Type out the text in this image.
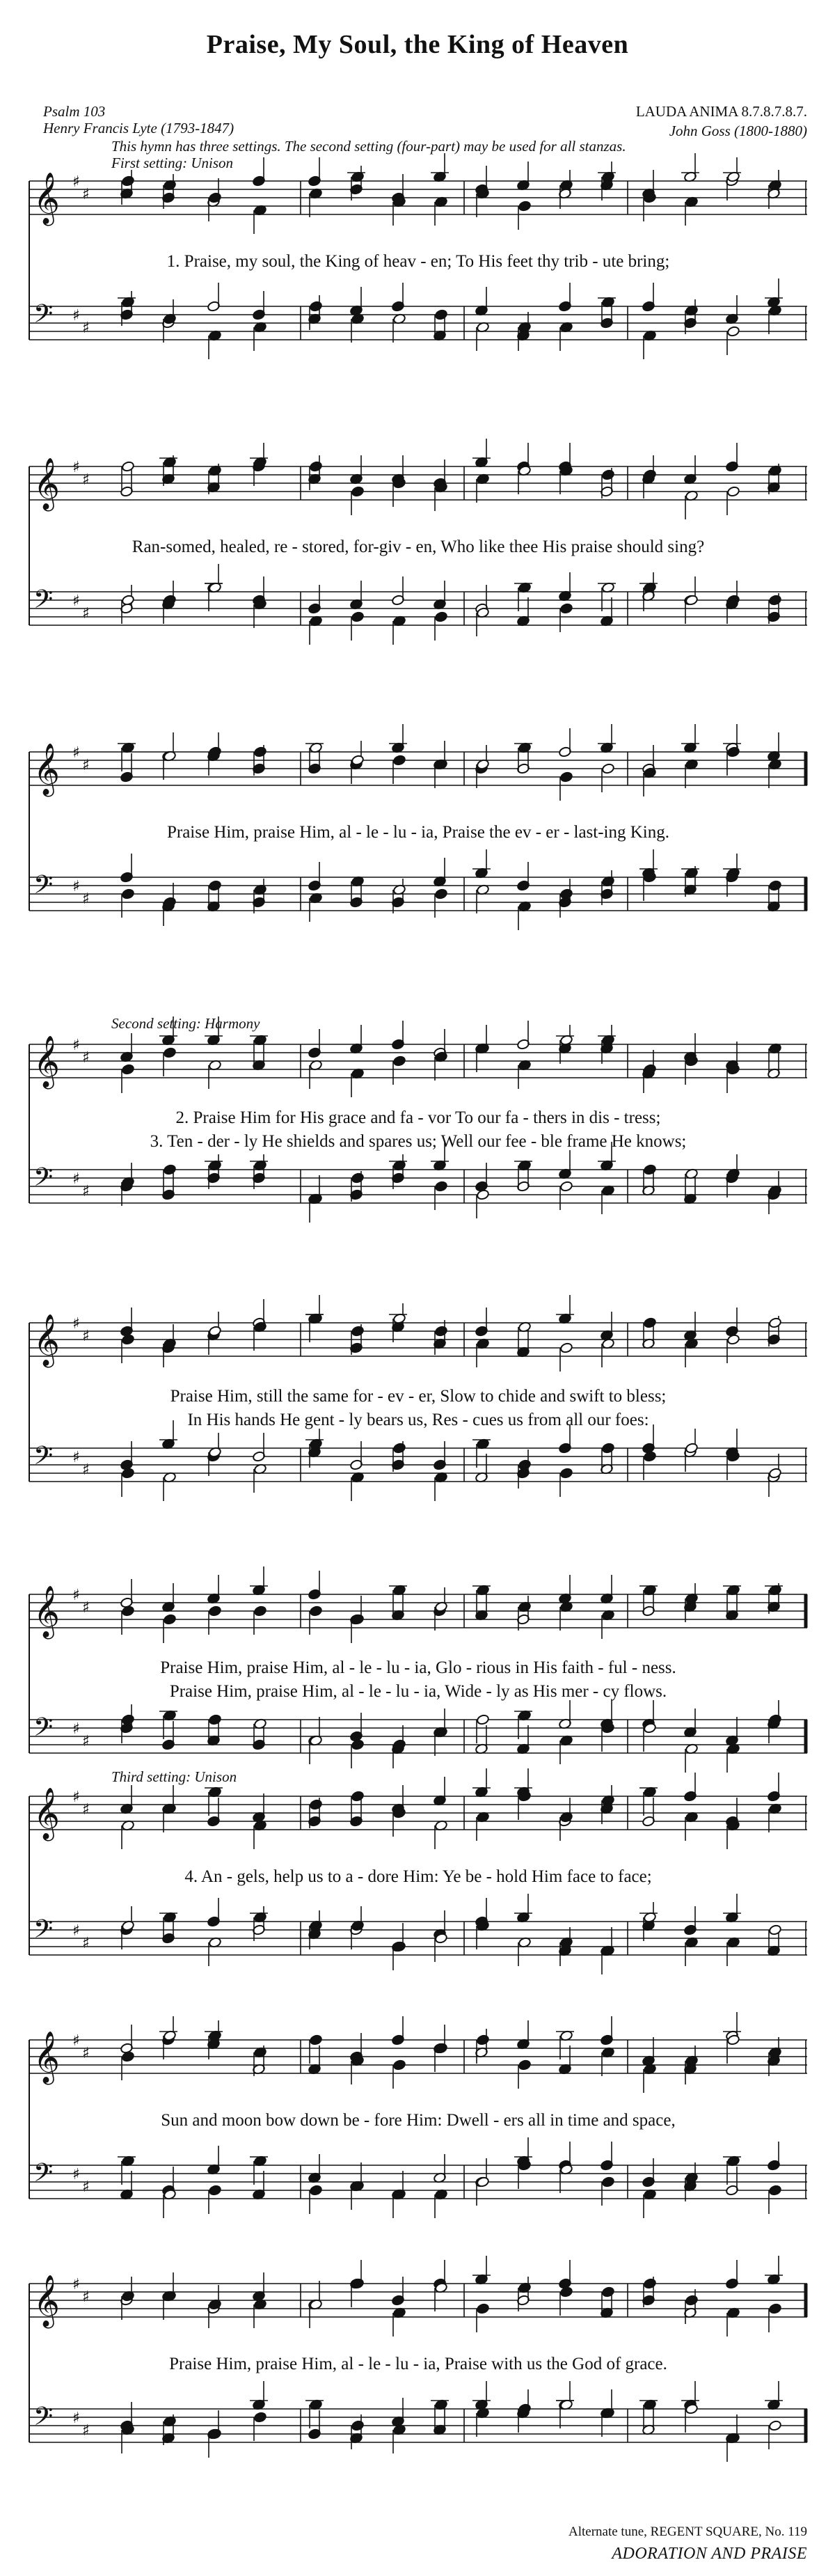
Praise, My Soul, the King of Heaven
Psalm 103
Henry Francis Lyte (1793-1847)
LAUDA ANIMA 8.7.8.7.8.7.
John Goss (1800-1880)
This hymn has three settings. The second setting (four-part) may be used for all stanzas.
First setting: Unison
Second setting: Harmony
Third setting: Unison
𝄞 ♯
♯
𝄢 ♯
♯
1. Praise, my soul, the King of heav - en; To His feet thy trib - ute bring;
𝄞 ♯
♯
𝄢 ♯
♯
Ran-somed, healed, re - stored, for-giv - en, Who like thee His praise should sing?
𝄞 ♯
♯
𝄢 ♯
♯
Praise Him, praise Him, al - le - lu - ia, Praise the ev - er - last-ing King.
𝄞 ♯
♯
𝄢 ♯
♯
2. Praise Him for His grace and fa - vor To our fa - thers in dis - tress;
3. Ten - der - ly He shields and spares us; Well our fee - ble frame He knows;
𝄞 ♯
♯
𝄢 ♯
♯
Praise Him, still the same for - ev - er, Slow to chide and swift to bless;
In His hands He gent - ly bears us, Res - cues us from all our foes:
𝄞 ♯
♯
𝄢 ♯
♯
Praise Him, praise Him, al - le - lu - ia, Glo - rious in His faith - ful - ness.
Praise Him, praise Him, al - le - lu - ia, Wide - ly as His mer - cy flows.
𝄞 ♯
♯
𝄢 ♯
♯
4. An - gels, help us to a - dore Him: Ye be - hold Him face to face;
𝄞 ♯
♯
𝄢 ♯
♯
Sun and moon bow down be - fore Him: Dwell - ers all in time and space,
𝄞 ♯
♯
𝄢 ♯
♯
Praise Him, praise Him, al - le - lu - ia, Praise with us the God of grace.
Alternate tune, REGENT SQUARE, No. 119
ADORATION AND PRAISE
